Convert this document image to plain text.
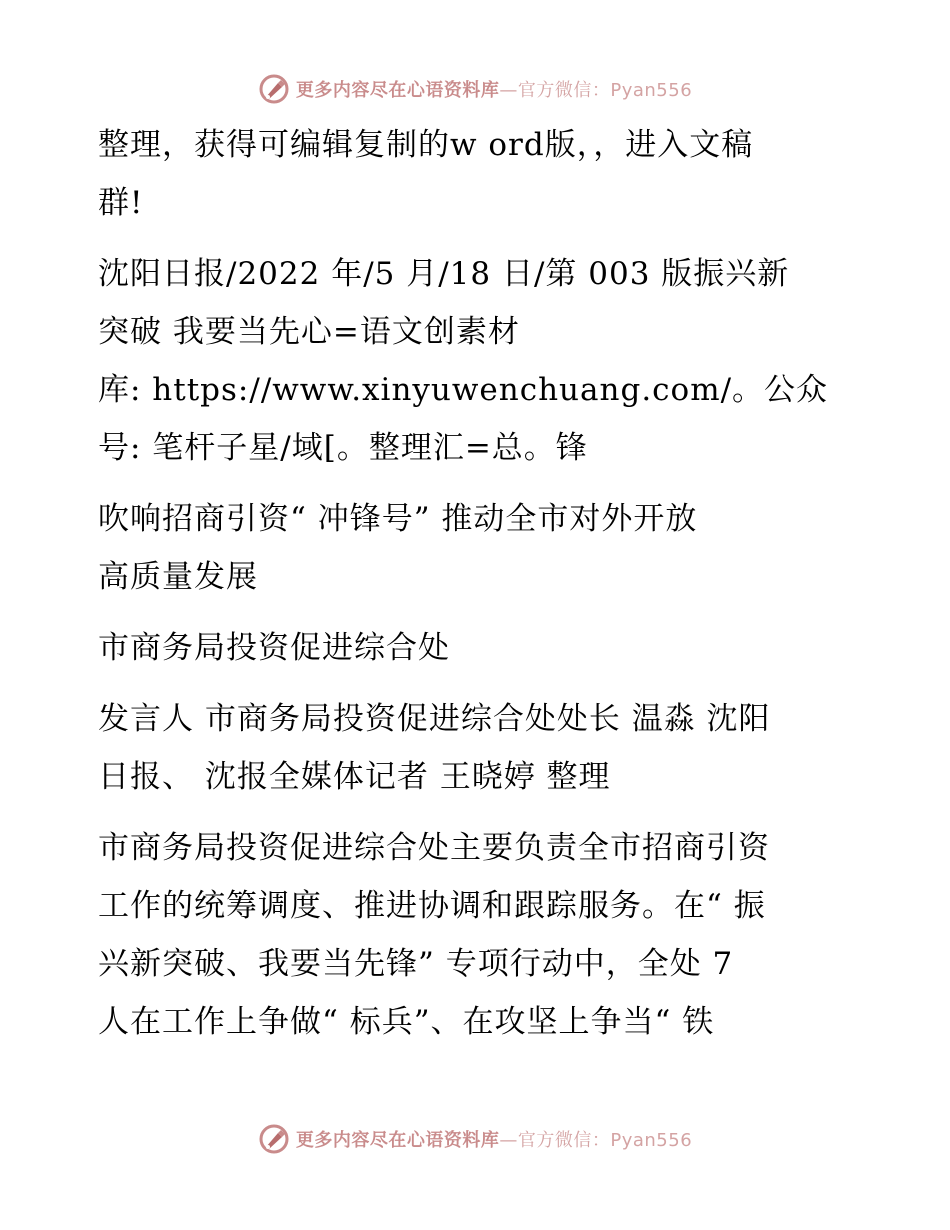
更多内容尽在心语资料库—官方微信：Pyan556
整理，获得可编辑复制的w ord版，，进入文稿
群!
沈阳日报/2022 年/5 月/18 日/第 003 版振兴新
突破 我要当先心=语文创素材
库: https://www.xinyuwenchuang.com/。公众
号: 笔杆子星/域[。整理汇=总。锋
吹响招商引资“ 冲锋号” 推动全市对外开放
高质量发展
市商务局投资促进综合处
发言人 市商务局投资促进综合处处长 温淼 沈阳
日报、 沈报全媒体记者 王晓婷 整理
市商务局投资促进综合处主要负责全市招商引资
工作的统筹调度、推进协调和跟踪服务。在“ 振
兴新突破、我要当先锋” 专项行动中，全处 7
人在工作上争做“ 标兵”、在攻坚上争当“ 铁
更多内容尽在心语资料库—官方微信：Pyan556
